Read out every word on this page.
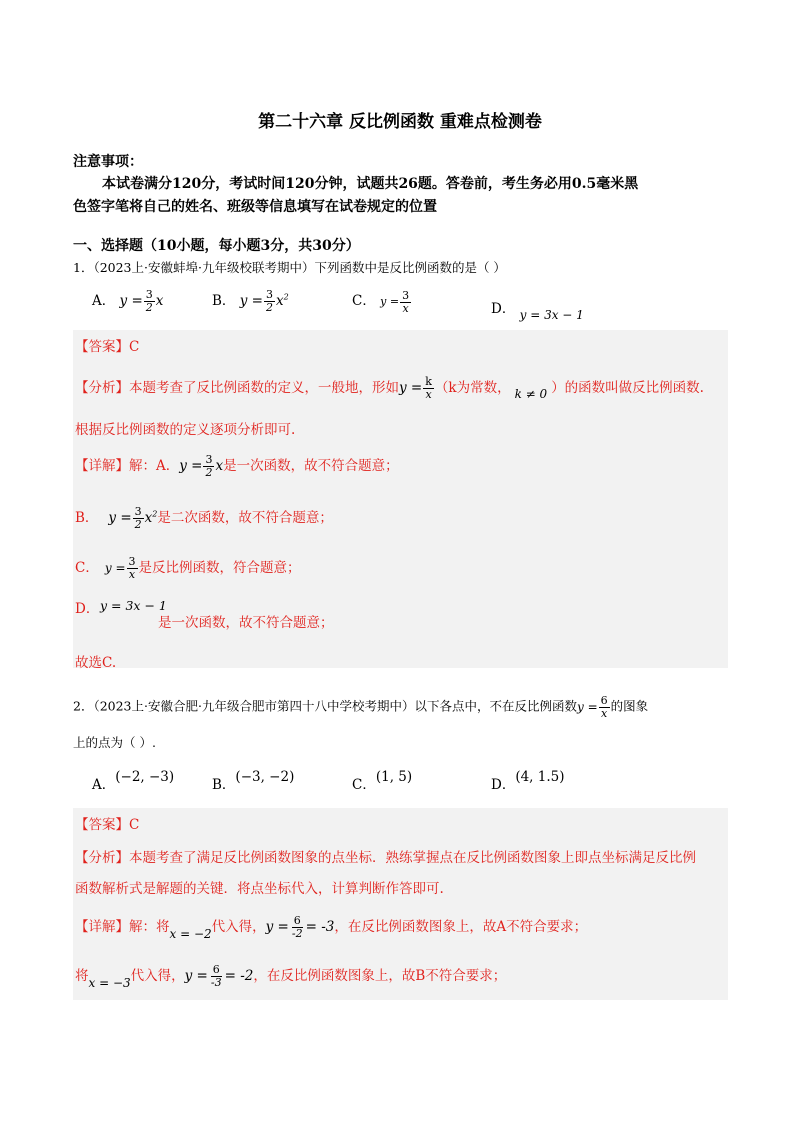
第二十六章 反比例函数 重难点检测卷
注意事项：
本试卷满分120分，考试时间120分钟，试题共26题。答卷前，考生务必用0.5毫米黑
色签字笔将自己的姓名、班级等信息填写在试卷规定的位置
一、选择题（10小题，每小题3分，共30分）
1．（2023上·安徽蚌埠·九年级校联考期中）下列函数中是反比例函数的是（ ）
A． $y = \frac{3}{2}$ x	B． $y = \frac{3}{2} x^2$	C． $y = \frac{3}{x}$	D． y = 3x − 1
【答案】C
【分析】本题考查了反比例函数的定义，一般地，形如$y = \frac{k}{x} (k$为常数， k ≠ 0 ）的函数叫做反比例函数.
根据反比例函数的定义逐项分析即可.
【详解】解：A．$y = \frac{3}{2}$ x是一次函数，故不符合题意；
B． $y = \frac{3}{2} x^2$是二次函数，故不符合题意；
C． $y = \frac{3}{x}$ 是反比例函数，符合题意；
D． y = 3x − 1
是一次函数，故不符合题意；
故选C.
2．（2023上·安徽合肥·九年级合肥市第四十八中学校考期中）以下各点中，不在反比例函数$y = \frac{6}{x}$ 的图象
上的点为（ ）.
A．(−2, −3)	B．(−3, −2)	C．(1, 5)	D．(4, 1.5)
【答案】C
【分析】本题考查了满足反比例函数图象的点坐标．熟练掌握点在反比例函数图象上即点坐标满足反比例
函数解析式是解题的关键．将点坐标代入，计算判断作答即可.
【详解】解：将x = −2代入得，$y = \frac{6}{-2} = -3$，在反比例函数图象上，故A不符合要求；
将x = −3代入得，$y = \frac{6}{-3} = -2$，在反比例函数图象上，故B不符合要求；
